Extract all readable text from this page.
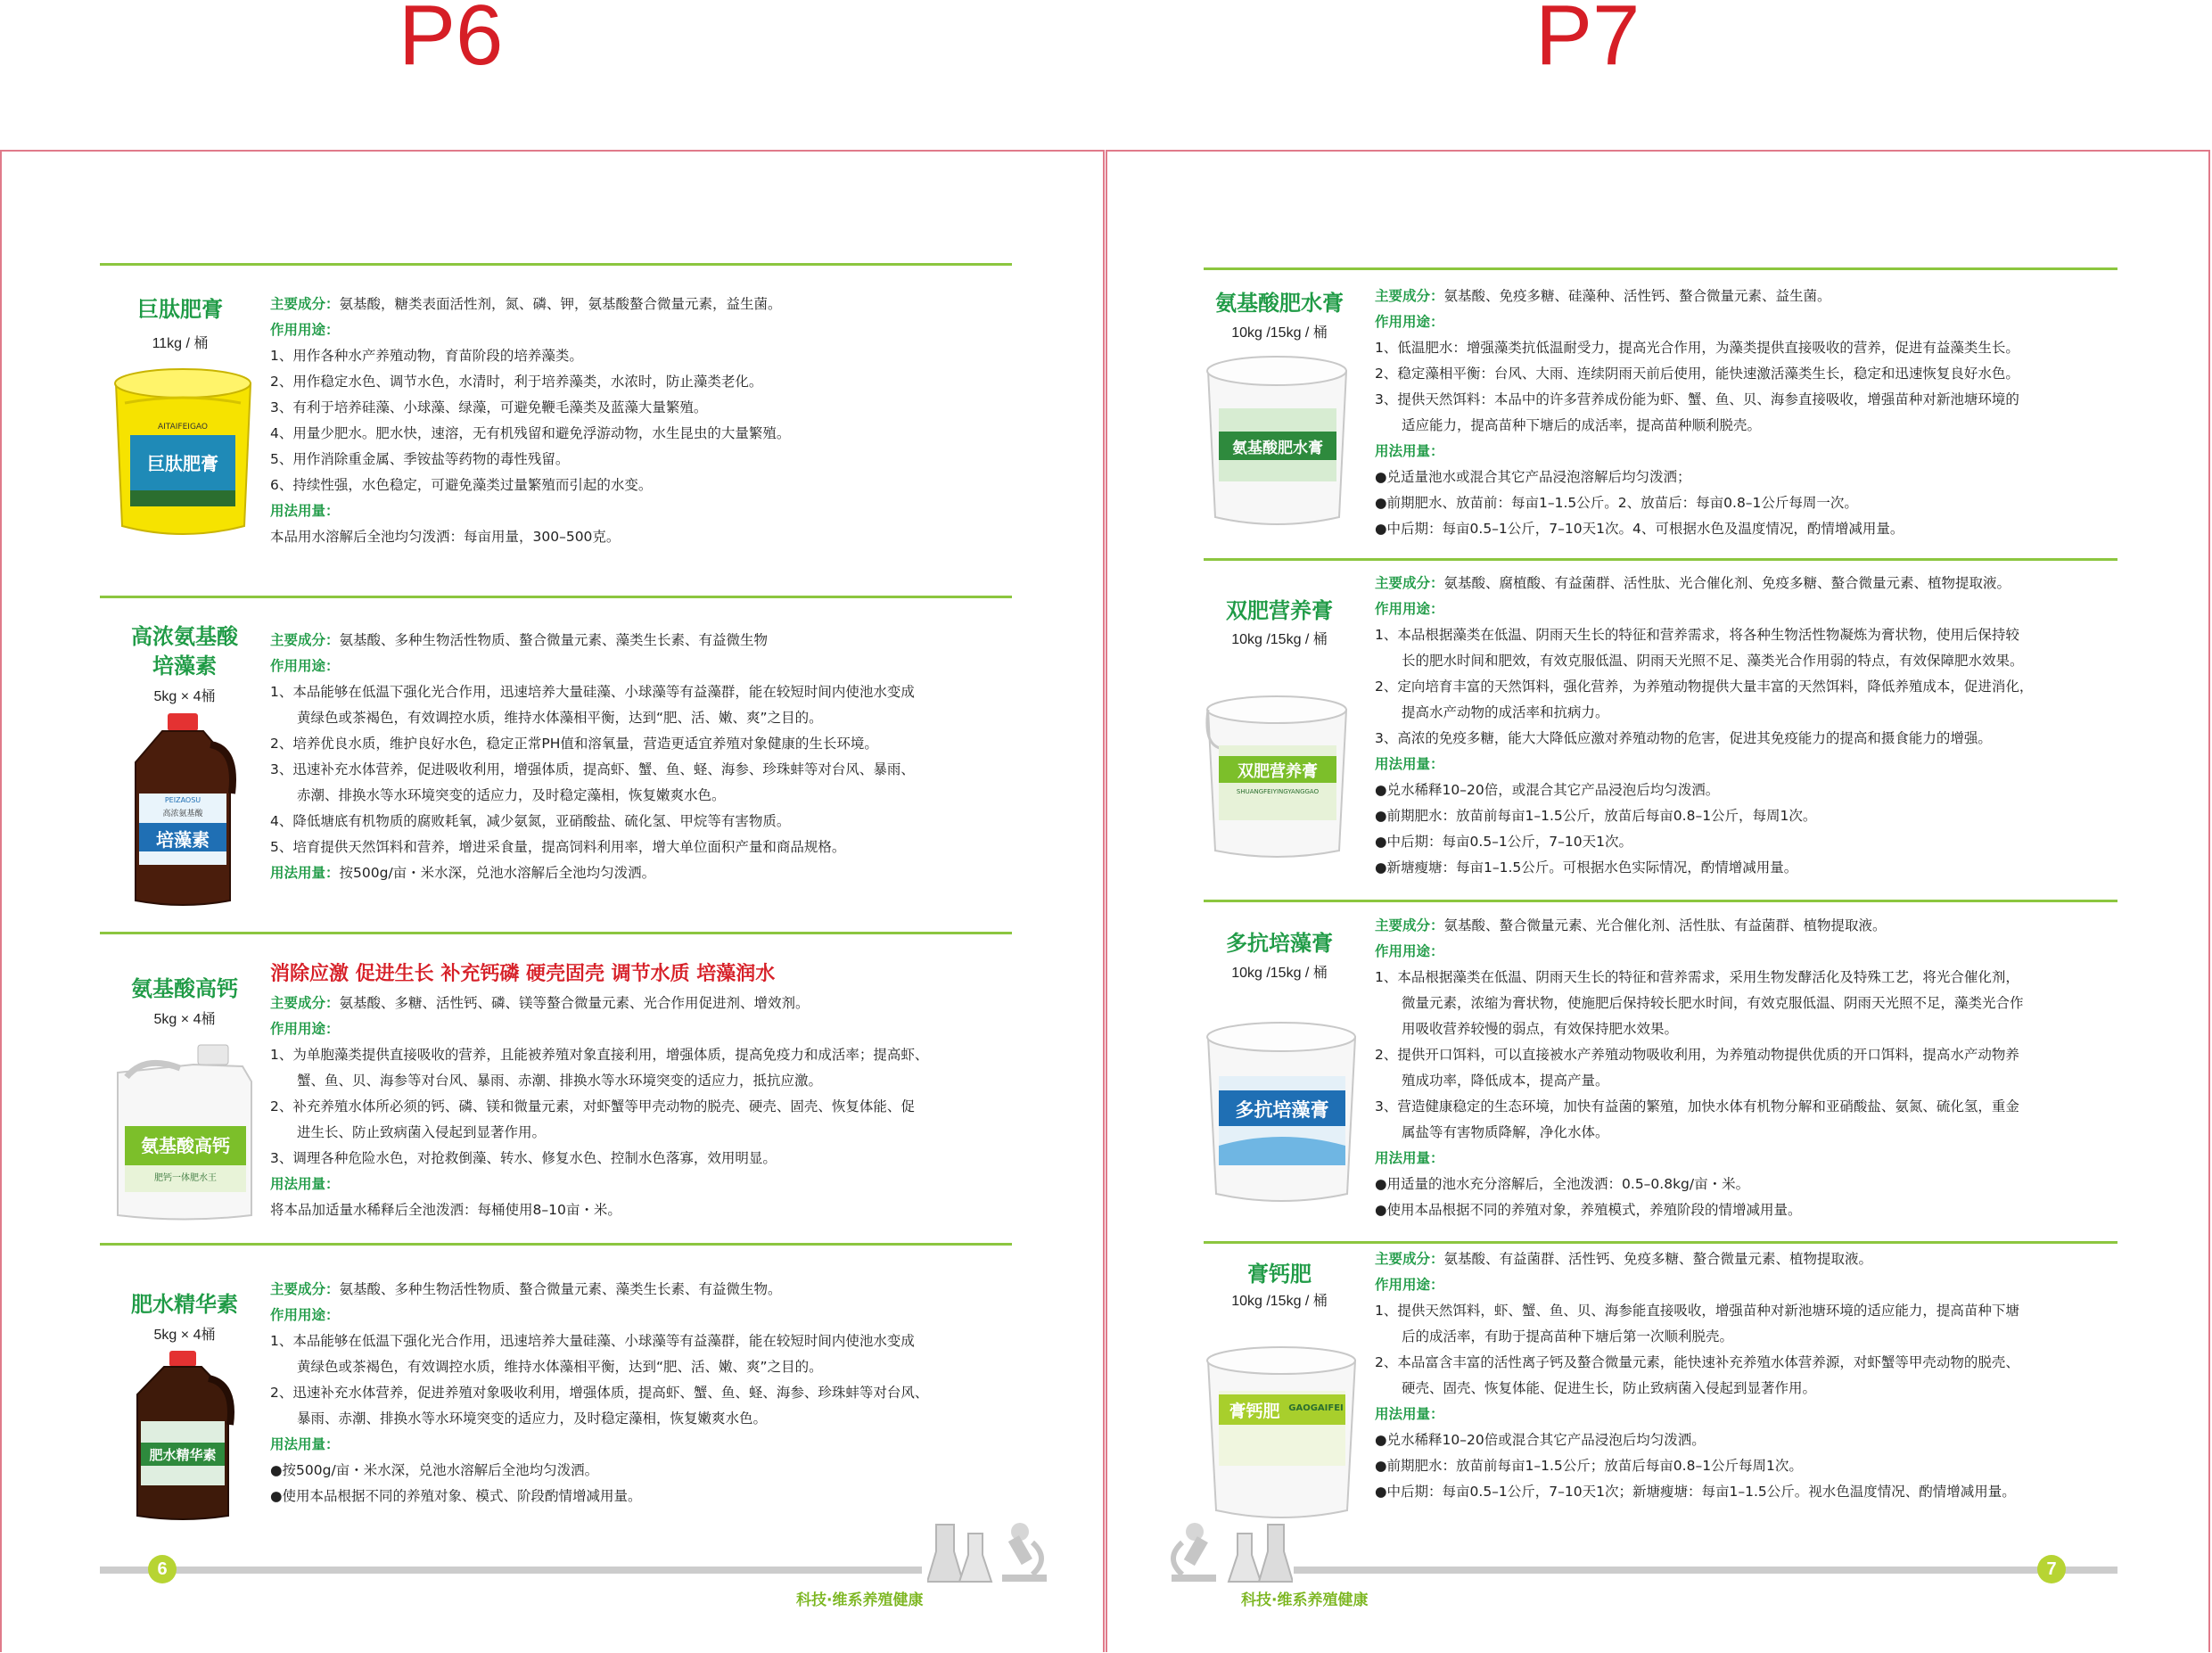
P6	P7
巨肽肥膏
11kg / 桶
AITAIFEIGAO
巨肽肥膏
主要成分：氨基酸，糖类表面活性剂，氮、磷、钾，氨基酸螯合微量元素，益生菌。
作用用途：
1、用作各种水产养殖动物，育苗阶段的培养藻类。
2、用作稳定水色、调节水色，水清时，利于培养藻类，水浓时，防止藻类老化。
3、有利于培养硅藻、小球藻、绿藻，可避免鞭毛藻类及蓝藻大量繁殖。
4、用量少肥水。肥水快，速溶，无有机残留和避免浮游动物，水生昆虫的大量繁殖。
5、用作消除重金属、季铵盐等药物的毒性残留。
6、持续性强，水色稳定，可避免藻类过量繁殖而引起的水变。
用法用量：
本品用水溶解后全池均匀泼洒：每亩用量，300–500克。
高浓氨基酸
培藻素
5kg × 4桶
PEIZAOSU
高浓氨基酸
培藻素
主要成分：氨基酸、多种生物活性物质、螯合微量元素、藻类生长素、有益微生物
作用用途：
1、本品能够在低温下强化光合作用，迅速培养大量硅藻、小球藻等有益藻群，能在较短时间内使池水变成
黄绿色或茶褐色，有效调控水质，维持水体藻相平衡，达到“肥、活、嫩、爽”之目的。
2、培养优良水质，维护良好水色，稳定正常PH值和溶氧量，营造更适宜养殖对象健康的生长环境。
3、迅速补充水体营养，促进吸收利用，增强体质，提高虾、蟹、鱼、蛏、海参、珍珠蚌等对台风、暴雨、
赤潮、排换水等水环境突变的适应力，及时稳定藻相，恢复嫩爽水色。
4、降低塘底有机物质的腐败耗氧，减少氨氮，亚硝酸盐、硫化氢、甲烷等有害物质。
5、培育提供天然饵料和营养，增进采食量，提高饲料利用率，增大单位面积产量和商品规格。
用法用量：按500g/亩・米水深，兑池水溶解后全池均匀泼洒。
氨基酸高钙
5kg × 4桶
氨基酸高钙
肥钙一体肥水王
消除应激 促进生长 补充钙磷 硬壳固壳 调节水质 培藻润水
主要成分：氨基酸、多糖、活性钙、磷、镁等螯合微量元素、光合作用促进剂、增效剂。
作用用途：
1、为单胞藻类提供直接吸收的营养，且能被养殖对象直接利用，增强体质，提高免疫力和成活率；提高虾、
蟹、鱼、贝、海参等对台风、暴雨、赤潮、排换水等水环境突变的适应力，抵抗应激。
2、补充养殖水体所必须的钙、磷、镁和微量元素，对虾蟹等甲壳动物的脱壳、硬壳、固壳、恢复体能、促
进生长、防止致病菌入侵起到显著作用。
3、调理各种危险水色，对抢救倒藻、转水、修复水色、控制水色落寡，效用明显。
用法用量：
将本品加适量水稀释后全池泼洒：每桶使用8–10亩・米。
肥水精华素
5kg × 4桶
肥水精华素
主要成分：氨基酸、多种生物活性物质、螯合微量元素、藻类生长素、有益微生物。
作用用途：
1、本品能够在低温下强化光合作用，迅速培养大量硅藻、小球藻等有益藻群，能在较短时间内使池水变成
黄绿色或茶褐色，有效调控水质，维持水体藻相平衡，达到“肥、活、嫩、爽”之目的。
2、迅速补充水体营养，促进养殖对象吸收利用，增强体质，提高虾、蟹、鱼、蛏、海参、珍珠蚌等对台风、
暴雨、赤潮、排换水等水环境突变的适应力，及时稳定藻相，恢复嫩爽水色。
用法用量：
●按500g/亩・米水深，兑池水溶解后全池均匀泼洒。
●使用本品根据不同的养殖对象、模式、阶段酌情增减用量。
6
科技·维系养殖健康
氨基酸肥水膏
10kg /15kg / 桶
氨基酸肥水膏
主要成分：氨基酸、免疫多糖、硅藻种、活性钙、螯合微量元素、益生菌。
作用用途：
1、低温肥水：增强藻类抗低温耐受力，提高光合作用，为藻类提供直接吸收的营养，促进有益藻类生长。
2、稳定藻相平衡：台风、大雨、连续阴雨天前后使用，能快速激活藻类生长，稳定和迅速恢复良好水色。
3、提供天然饵料：本品中的许多营养成份能为虾、蟹、鱼、贝、海参直接吸收，增强苗种对新池塘环境的
适应能力，提高苗种下塘后的成活率，提高苗种顺利脱壳。
用法用量：
●兑适量池水或混合其它产品浸泡溶解后均匀泼洒；
●前期肥水、放苗前：每亩1–1.5公斤。2、放苗后：每亩0.8–1公斤每周一次。
●中后期：每亩0.5–1公斤，7–10天1次。4、可根据水色及温度情况，酌情增减用量。
双肥营养膏
10kg /15kg / 桶
双肥营养膏
SHUANGFEIYINGYANGGAO
主要成分：氨基酸、腐植酸、有益菌群、活性肽、光合催化剂、免疫多糖、螯合微量元素、植物提取液。
作用用途：
1、本品根据藻类在低温、阴雨天生长的特征和营养需求，将各种生物活性物凝炼为膏状物，使用后保持较
长的肥水时间和肥效，有效克服低温、阴雨天光照不足、藻类光合作用弱的特点，有效保障肥水效果。
2、定向培育丰富的天然饵料，强化营养，为养殖动物提供大量丰富的天然饵料，降低养殖成本，促进消化，
提高水产动物的成活率和抗病力。
3、高浓的免疫多糖，能大大降低应激对养殖动物的危害，促进其免疫能力的提高和摄食能力的增强。
用法用量：
●兑水稀释10–20倍，或混合其它产品浸泡后均匀泼洒。
●前期肥水：放苗前每亩1–1.5公斤，放苗后每亩0.8–1公斤，每周1次。
●中后期：每亩0.5–1公斤，7–10天1次。
●新塘瘦塘：每亩1–1.5公斤。可根据水色实际情况，酌情增减用量。
多抗培藻膏
10kg /15kg / 桶
多抗培藻膏
主要成分：氨基酸、螯合微量元素、光合催化剂、活性肽、有益菌群、植物提取液。
作用用途：
1、本品根据藻类在低温、阴雨天生长的特征和营养需求，采用生物发酵活化及特殊工艺，将光合催化剂，
微量元素，浓缩为膏状物，使施肥后保持较长肥水时间，有效克服低温、阴雨天光照不足，藻类光合作
用吸收营养较慢的弱点，有效保持肥水效果。
2、提供开口饵料，可以直接被水产养殖动物吸收利用，为养殖动物提供优质的开口饵料，提高水产动物养
殖成功率，降低成本，提高产量。
3、营造健康稳定的生态环境，加快有益菌的繁殖，加快水体有机物分解和亚硝酸盐、氨氮、硫化氢，重金
属盐等有害物质降解，净化水体。
用法用量：
●用适量的池水充分溶解后，全池泼洒：0.5–0.8kg/亩・米。
●使用本品根据不同的养殖对象，养殖模式，养殖阶段的情增减用量。
膏钙肥
10kg /15kg / 桶
膏钙肥 GAOGAIFEI
主要成分：氨基酸、有益菌群、活性钙、免疫多糖、螯合微量元素、植物提取液。
作用用途：
1、提供天然饵料，虾、蟹、鱼、贝、海参能直接吸收，增强苗种对新池塘环境的适应能力，提高苗种下塘
后的成活率，有助于提高苗种下塘后第一次顺利脱壳。
2、本品富含丰富的活性离子钙及螯合微量元素，能快速补充养殖水体营养源，对虾蟹等甲壳动物的脱壳、
硬壳、固壳、恢复体能、促进生长，防止致病菌入侵起到显著作用。
用法用量：
●兑水稀释10–20倍或混合其它产品浸泡后均匀泼洒。
●前期肥水：放苗前每亩1–1.5公斤；放苗后每亩0.8–1公斤每周1次。
●中后期：每亩0.5–1公斤，7–10天1次；新塘瘦塘：每亩1–1.5公斤。视水色温度情况、酌情增减用量。
7
科技·维系养殖健康
